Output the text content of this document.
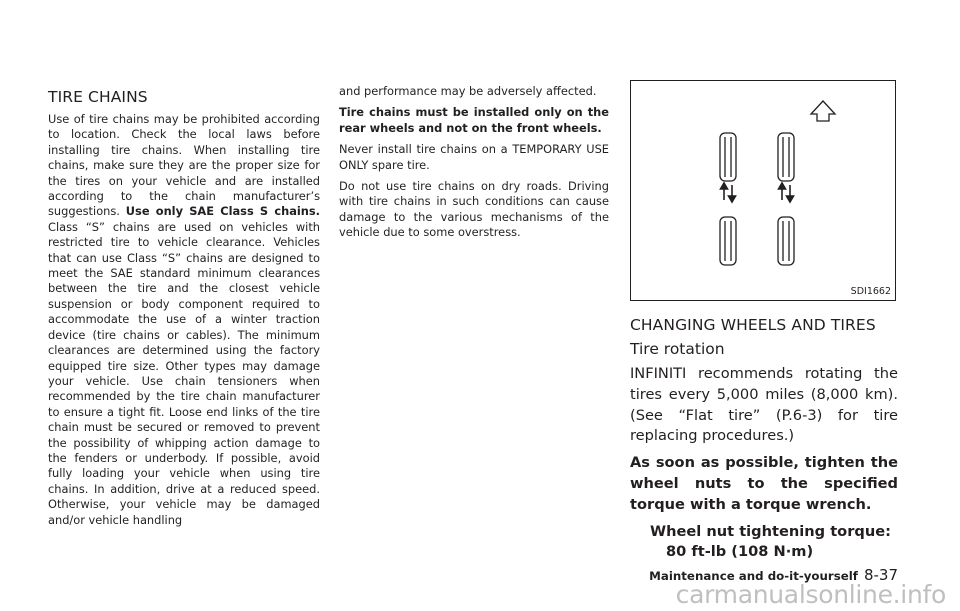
TIRE CHAINS

Use of tire chains may be prohibited according to location. Check the local laws before installing tire chains. When installing tire chains, make sure they are the proper size for the tires on your vehicle and are installed according to the chain manufacturer’s suggestions. Use only SAE Class S chains. Class “S” chains are used on vehicles with restricted tire to vehicle clearance. Vehicles that can use Class “S” chains are designed to meet the SAE standard minimum clearances between the tire and the closest vehicle suspension or body component required to accommodate the use of a winter traction device (tire chains or cables). The minimum clearances are determined using the factory equipped tire size. Other types may damage your vehicle. Use chain tensioners when recommended by the tire chain manufacturer to ensure a tight fit. Loose end links of the tire chain must be secured or removed to prevent the possibility of whipping action damage to the fenders or underbody. If possible, avoid fully loading your vehicle when using tire chains. In addition, drive at a reduced speed. Otherwise, your vehicle may be damaged and/or vehicle handling

and performance may be adversely affected.

Tire chains must be installed only on the rear wheels and not on the front wheels.

Never install tire chains on a TEMPORARY USE ONLY spare tire.

Do not use tire chains on dry roads. Driving with tire chains in such conditions can cause damage to the various mechanisms of the vehicle due to some overstress.

SDI1662
CHANGING WHEELS AND TIRES
Tire rotation

INFINITI recommends rotating the tires every 5,000 miles (8,000 km). (See “Flat tire” (P.6-3) for tire replacing procedures.)

As soon as possible, tighten the wheel nuts to the specified torque with a torque wrench.

Wheel nut tightening torque:
80 ft-lb (108 N·m)
Maintenance and do-it-yourself 8-37
carmanualsonline.info
